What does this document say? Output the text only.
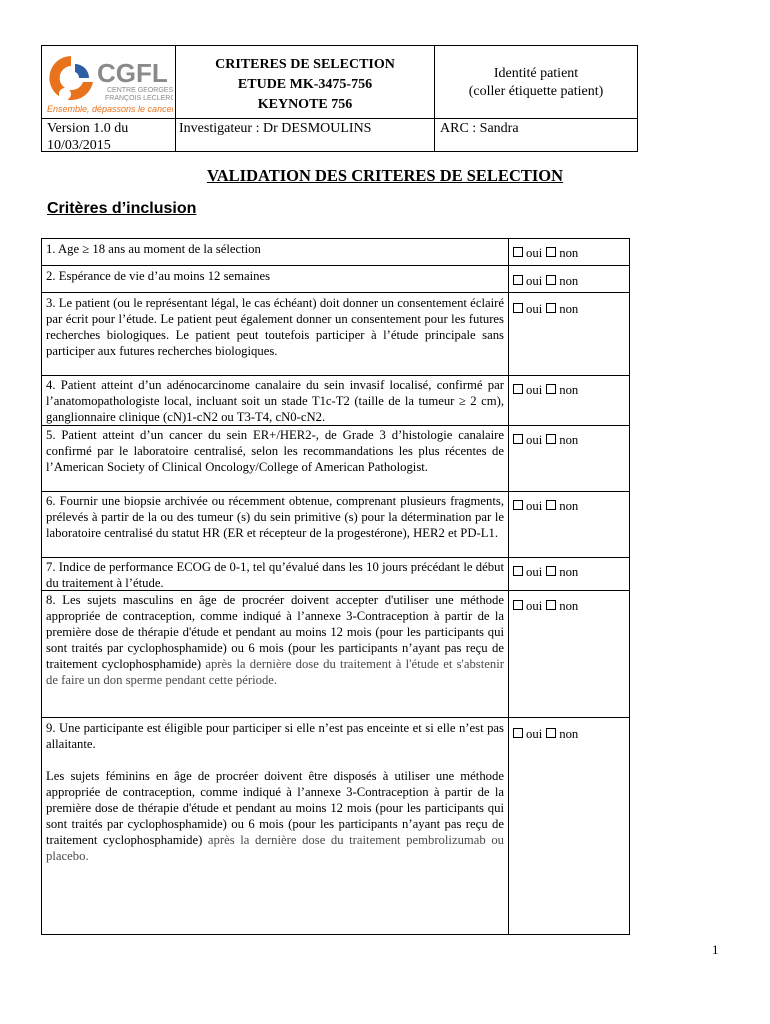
CGFL
CENTRE GEORGES
FRANÇOIS LECLERC
Ensemble, dépassons le cancer
CRITERES DE SELECTION
ETUDE MK-3475-756
KEYNOTE 756
Identité patient
(coller étiquette patient)
Version 1.0 du
10/03/2015
Investigateur : Dr DESMOULINS	ARC : Sandra
VALIDATION DES CRITERES DE SELECTION
Critères d’inclusion
1. Age ≥ 18 ans au moment de la sélection	oui non
2. Espérance de vie d’au moins 12 semaines	oui non
3. Le patient (ou le représentant légal, le cas échéant) doit donner un consentement éclairé par écrit pour l’étude. Le patient peut également donner un consentement pour les futures recherches biologiques. Le patient peut toutefois participer à l’étude principale sans participer aux futures recherches biologiques.
oui non
4. Patient atteint d’un adénocarcinome canalaire du sein invasif localisé, confirmé par l’anatomopathologiste local, incluant soit un stade T1c-T2 (taille de la tumeur ≥ 2 cm), ganglionnaire clinique (cN)1-cN2 ou T3-T4, cN0-cN2.
oui non
5. Patient atteint d’un cancer du sein ER+/HER2-, de Grade 3 d’histologie canalaire confirmé par le laboratoire centralisé, selon les recommandations les plus récentes de l’American Society of Clinical Oncology/College of American Pathologist.
oui non
6. Fournir une biopsie archivée ou récemment obtenue, comprenant plusieurs fragments, prélevés à partir de la ou des tumeur (s) du sein primitive (s) pour la détermination par le laboratoire centralisé du statut HR (ER et récepteur de la progestérone), HER2 et PD-L1.
oui non
7. Indice de performance ECOG de 0-1, tel qu’évalué dans les 10 jours précédant le début du traitement à l’étude.
oui non
8. Les sujets masculins en âge de procréer doivent accepter d'utiliser une méthode appropriée de contraception, comme indiqué à l’annexe 3-Contraception à partir de la première dose de thérapie d'étude et pendant au moins 12 mois (pour les participants qui sont traités par cyclophosphamide) ou 6 mois (pour les participants n’ayant pas reçu de traitement cyclophosphamide) après la dernière dose du traitement à l'étude et s'abstenir de faire un don sperme pendant cette période.
oui non
9. Une participante est éligible pour participer si elle n’est pas enceinte et si elle n’est pas allaitante.
Les sujets féminins en âge de procréer doivent être disposés à utiliser une méthode appropriée de contraception, comme indiqué à l’annexe 3-Contraception à partir de la première dose de thérapie d'étude et pendant au moins 12 mois (pour les participants qui sont traités par cyclophosphamide) ou 6 mois (pour les participants n’ayant pas reçu de traitement cyclophosphamide) après la dernière dose du traitement pembrolizumab ou placebo.
oui non
1
